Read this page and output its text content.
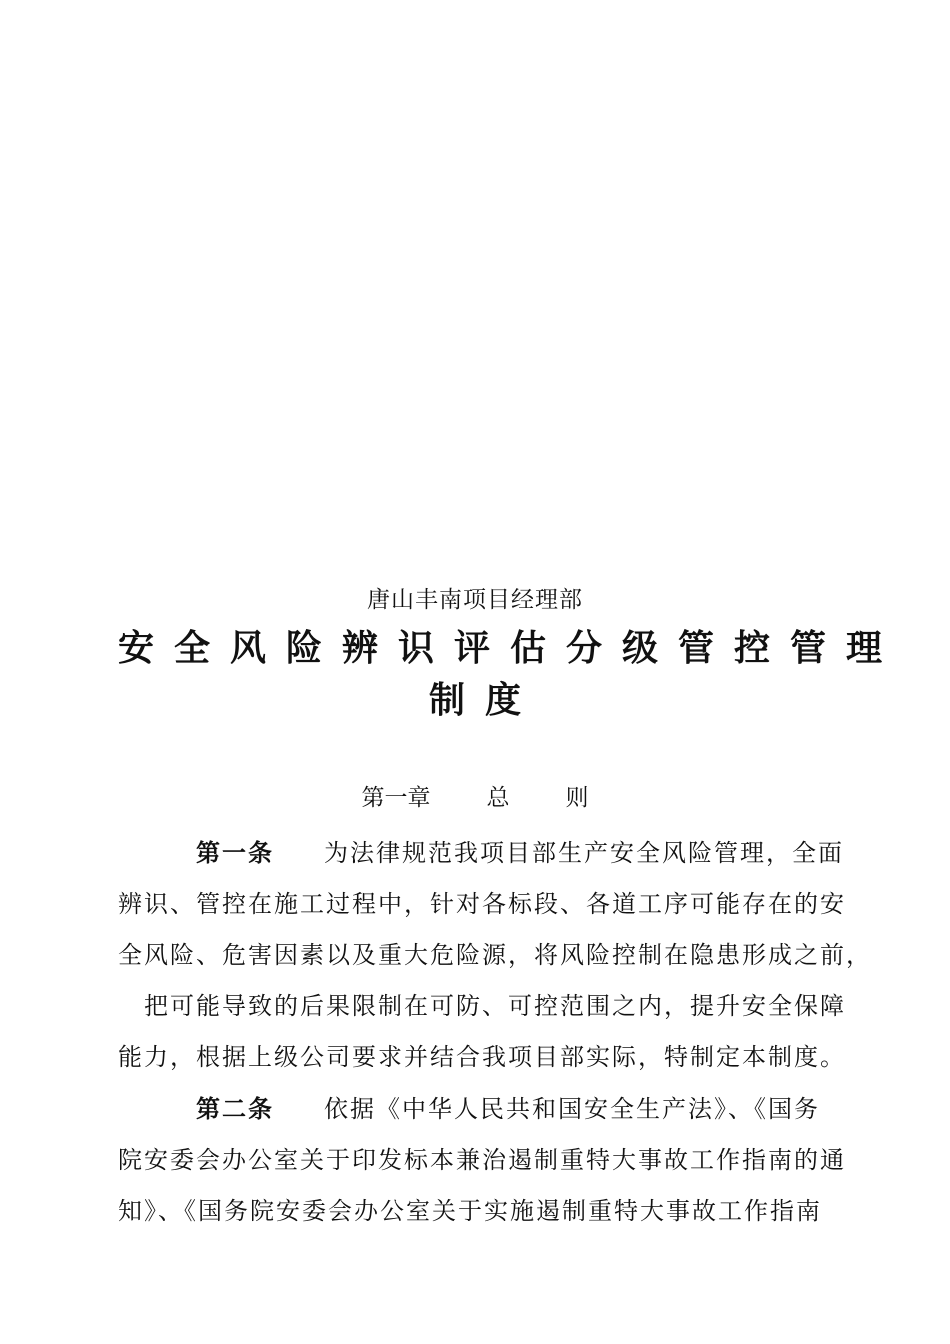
唐山丰南项目经理部
安全风险辨识评估分级管控管理
制度
第一章 总 则
第一条 为法律规范我项目部生产安全风险管理，全面
辨识、管控在施工过程中，针对各标段、各道工序可能存在的安
全风险、危害因素以及重大危险源，将风险控制在隐患形成之前，
把可能导致的后果限制在可防、可控范围之内，提升安全保障
能力，根据上级公司要求并结合我项目部实际，特制定本制度。
第二条 依据《中华人民共和国安全生产法》、《国务
院安委会办公室关于印发标本兼治遏制重特大事故工作指南的通
知》、《国务院安委会办公室关于实施遏制重特大事故工作指南
